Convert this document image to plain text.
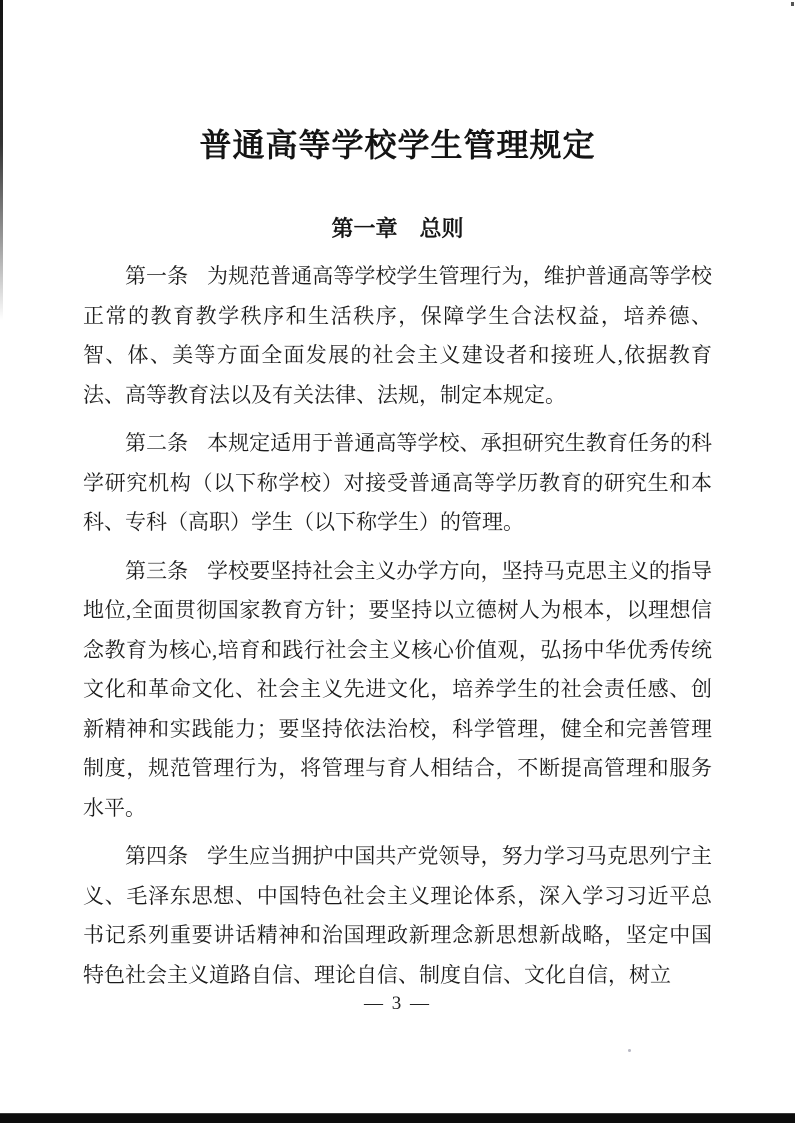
普通高等学校学生管理规定
第一章　总则

第一条 为规范普通高等学校学生管理行为，维护普通高等学校正常的教育教学秩序和生活秩序，保障学生合法权益，培养德、智、体、美等方面全面发展的社会主义建设者和接班人,依据教育法、高等教育法以及有关法律、法规，制定本规定。

第二条 本规定适用于普通高等学校、承担研究生教育任务的科学研究机构（以下称学校）对接受普通高等学历教育的研究生和本科、专科（高职）学生（以下称学生）的管理。

第三条 学校要坚持社会主义办学方向，坚持马克思主义的指导地位,全面贯彻国家教育方针；要坚持以立德树人为根本，以理想信念教育为核心,培育和践行社会主义核心价值观，弘扬中华优秀传统文化和革命文化、社会主义先进文化，培养学生的社会责任感、创新精神和实践能力；要坚持依法治校，科学管理，健全和完善管理制度，规范管理行为，将管理与育人相结合，不断提高管理和服务水平。

第四条 学生应当拥护中国共产党领导，努力学习马克思列宁主义、毛泽东思想、中国特色社会主义理论体系，深入学习习近平总书记系列重要讲话精神和治国理政新理念新思想新战略，坚定中国特色社会主义道路自信、理论自信、制度自信、文化自信，树立

— 3 —
